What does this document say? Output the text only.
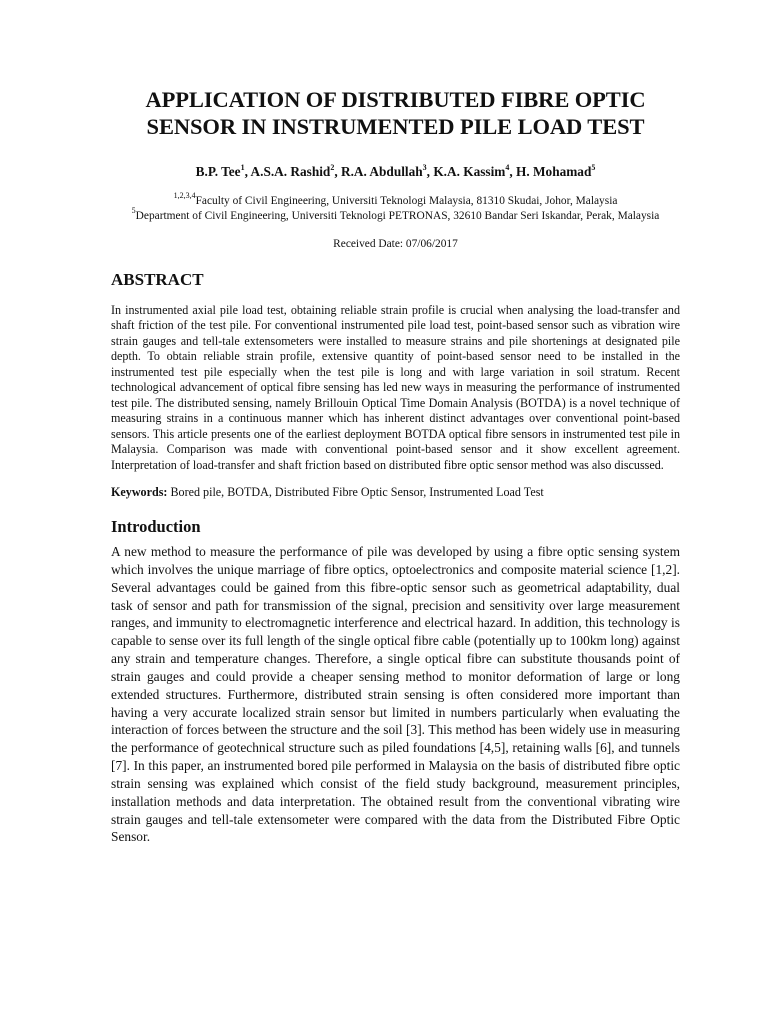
APPLICATION OF DISTRIBUTED FIBRE OPTIC
SENSOR IN INSTRUMENTED PILE LOAD TEST
B.P. Tee$^1$, A.S.A. Rashid$^2$, R.A. Abdullah$^3$, K.A. Kassim$^4$, H. Mohamad$^5$
$^{1,2,3,4}$Faculty of Civil Engineering, Universiti Teknologi Malaysia, 81310 Skudai, Johor, Malaysia
$^5$Department of Civil Engineering, Universiti Teknologi PETRONAS, 32610 Bandar Seri Iskandar, Perak, Malaysia
Received Date: 07/06/2017
ABSTRACT

In instrumented axial pile load test, obtaining reliable strain profile is crucial when analysing the load-transfer and shaft friction of the test pile. For conventional instrumented pile load test, point-based sensor such as vibration wire strain gauges and tell-tale extensometers were installed to measure strains and pile shortenings at designated pile depth. To obtain reliable strain profile, extensive quantity of point-based sensor need to be installed in the instrumented test pile especially when the test pile is long and with large variation in soil stratum. Recent technological advancement of optical fibre sensing has led new ways in measuring the performance of instrumented test pile. The distributed sensing, namely Brillouin Optical Time Domain Analysis (BOTDA) is a novel technique of measuring strains in a continuous manner which has inherent distinct advantages over conventional point-based sensors. This article presents one of the earliest deployment BOTDA optical fibre sensors in instrumented test pile in Malaysia. Comparison was made with conventional point-based sensor and it show excellent agreement. Interpretation of load-transfer and shaft friction based on distributed fibre optic sensor method was also discussed.

Keywords: Bored pile, BOTDA, Distributed Fibre Optic Sensor, Instrumented Load Test
Introduction

A new method to measure the performance of pile was developed by using a fibre optic sensing system which involves the unique marriage of fibre optics, optoelectronics and composite material science [1,2]. Several advantages could be gained from this fibre-optic sensor such as geometrical adaptability, dual task of sensor and path for transmission of the signal, precision and sensitivity over large measurement ranges, and immunity to electromagnetic interference and electrical hazard. In addition, this technology is capable to sense over its full length of the single optical fibre cable (potentially up to 100km long) against any strain and temperature changes. Therefore, a single optical fibre can substitute thousands point of strain gauges and could provide a cheaper sensing method to monitor deformation of large or long extended structures. Furthermore, distributed strain sensing is often considered more important than having a very accurate localized strain sensor but limited in numbers particularly when evaluating the interaction of forces between the structure and the soil [3]. This method has been widely use in measuring the performance of geotechnical structure such as piled foundations [4,5], retaining walls [6], and tunnels [7]. In this paper, an instrumented bored pile performed in Malaysia on the basis of distributed fibre optic strain sensing was explained which consist of the field study background, measurement principles, installation methods and data interpretation. The obtained result from the conventional vibrating wire strain gauges and tell-tale extensometer were compared with the data from the Distributed Fibre Optic Sensor.
